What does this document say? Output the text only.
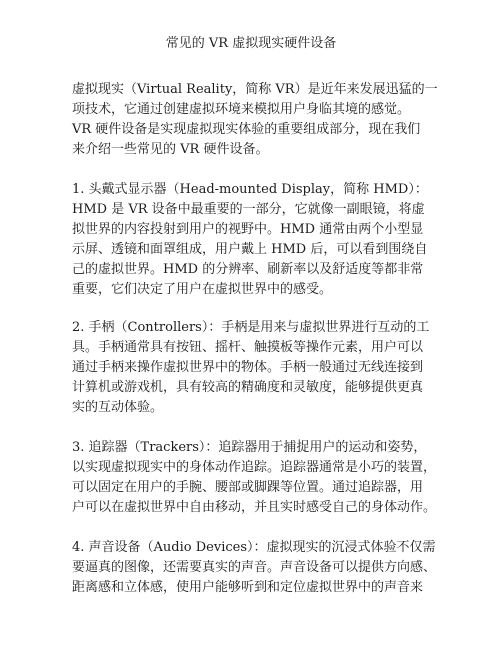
常见的 VR 虚拟现实硬件设备
虚拟现实（Virtual Reality，简称 VR）是近年来发展迅猛的一
项技术，它通过创建虚拟环境来模拟用户身临其境的感觉。
VR 硬件设备是实现虚拟现实体验的重要组成部分，现在我们
来介绍一些常见的 VR 硬件设备。
1. 头戴式显示器（Head-mounted Display，简称 HMD）：
HMD 是 VR 设备中最重要的一部分，它就像一副眼镜，将虚
拟世界的内容投射到用户的视野中。HMD 通常由两个小型显
示屏、透镜和面罩组成，用户戴上 HMD 后，可以看到围绕自
己的虚拟世界。HMD 的分辨率、刷新率以及舒适度等都非常
重要，它们决定了用户在虚拟世界中的感受。
2. 手柄（Controllers）：手柄是用来与虚拟世界进行互动的工
具。手柄通常具有按钮、摇杆、触摸板等操作元素，用户可以
通过手柄来操作虚拟世界中的物体。手柄一般通过无线连接到
计算机或游戏机，具有较高的精确度和灵敏度，能够提供更真
实的互动体验。
3. 追踪器（Trackers）：追踪器用于捕捉用户的运动和姿势，
以实现虚拟现实中的身体动作追踪。追踪器通常是小巧的装置，
可以固定在用户的手腕、腰部或脚踝等位置。通过追踪器，用
户可以在虚拟世界中自由移动，并且实时感受自己的身体动作。
4. 声音设备（Audio Devices）：虚拟现实的沉浸式体验不仅需
要逼真的图像，还需要真实的声音。声音设备可以提供方向感、
距离感和立体感，使用户能够听到和定位虚拟世界中的声音来
